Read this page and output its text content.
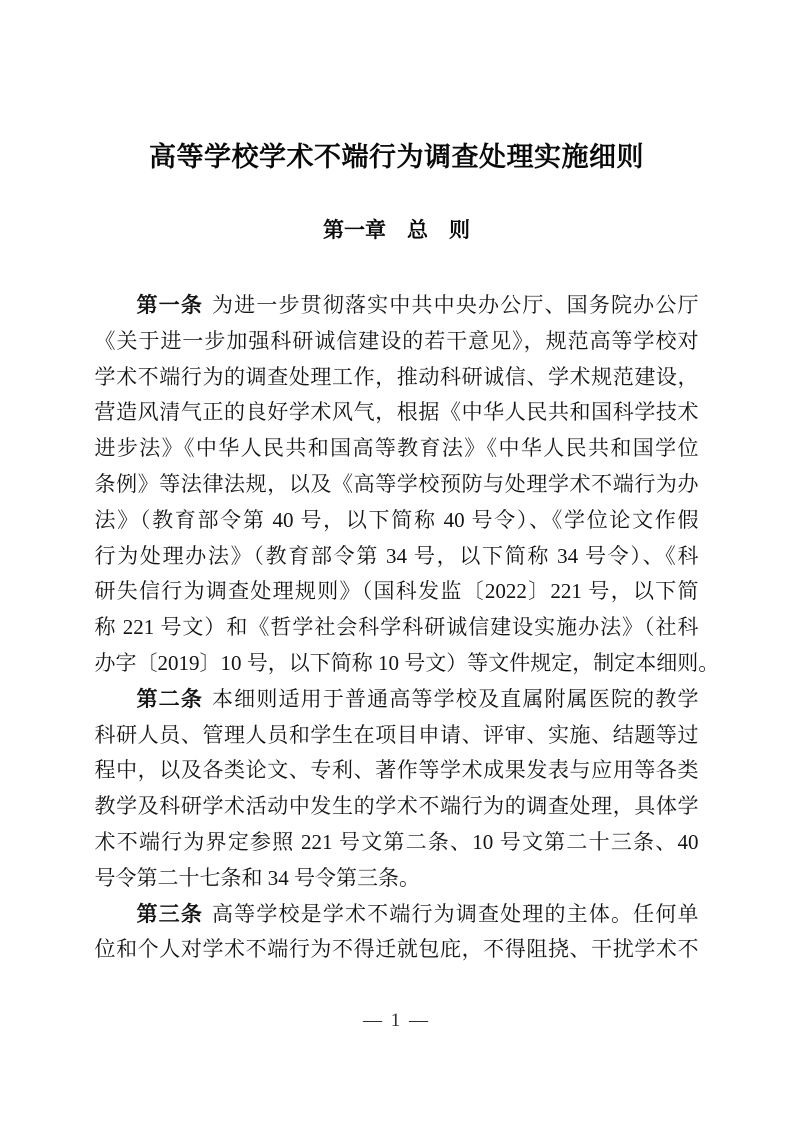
高等学校学术不端行为调查处理实施细则
第一章　总　则
第一条 为进一步贯彻落实中共中央办公厅、国务院办公厅
《关于进一步加强科研诚信建设的若干意见》，规范高等学校对
学术不端行为的调查处理工作，推动科研诚信、学术规范建设，
营造风清气正的良好学术风气，根据《中华人民共和国科学技术
进步法》《中华人民共和国高等教育法》《中华人民共和国学位
条例》等法律法规，以及《高等学校预防与处理学术不端行为办
法》（教育部令第 40 号，以下简称 40 号令）、《学位论文作假
行为处理办法》（教育部令第 34 号，以下简称 34 号令）、《科
研失信行为调查处理规则》（国科发监〔2022〕221 号，以下简
称 221 号文）和《哲学社会科学科研诚信建设实施办法》（社科
办字〔2019〕10 号，以下简称 10 号文）等文件规定，制定本细则。
第二条 本细则适用于普通高等学校及直属附属医院的教学
科研人员、管理人员和学生在项目申请、评审、实施、结题等过
程中，以及各类论文、专利、著作等学术成果发表与应用等各类
教学及科研学术活动中发生的学术不端行为的调查处理，具体学
术不端行为界定参照 221 号文第二条、10 号文第二十三条、40
号令第二十七条和 34 号令第三条。
第三条 高等学校是学术不端行为调查处理的主体。任何单
位和个人对学术不端行为不得迁就包庇，不得阻挠、干扰学术不
— 1 —
